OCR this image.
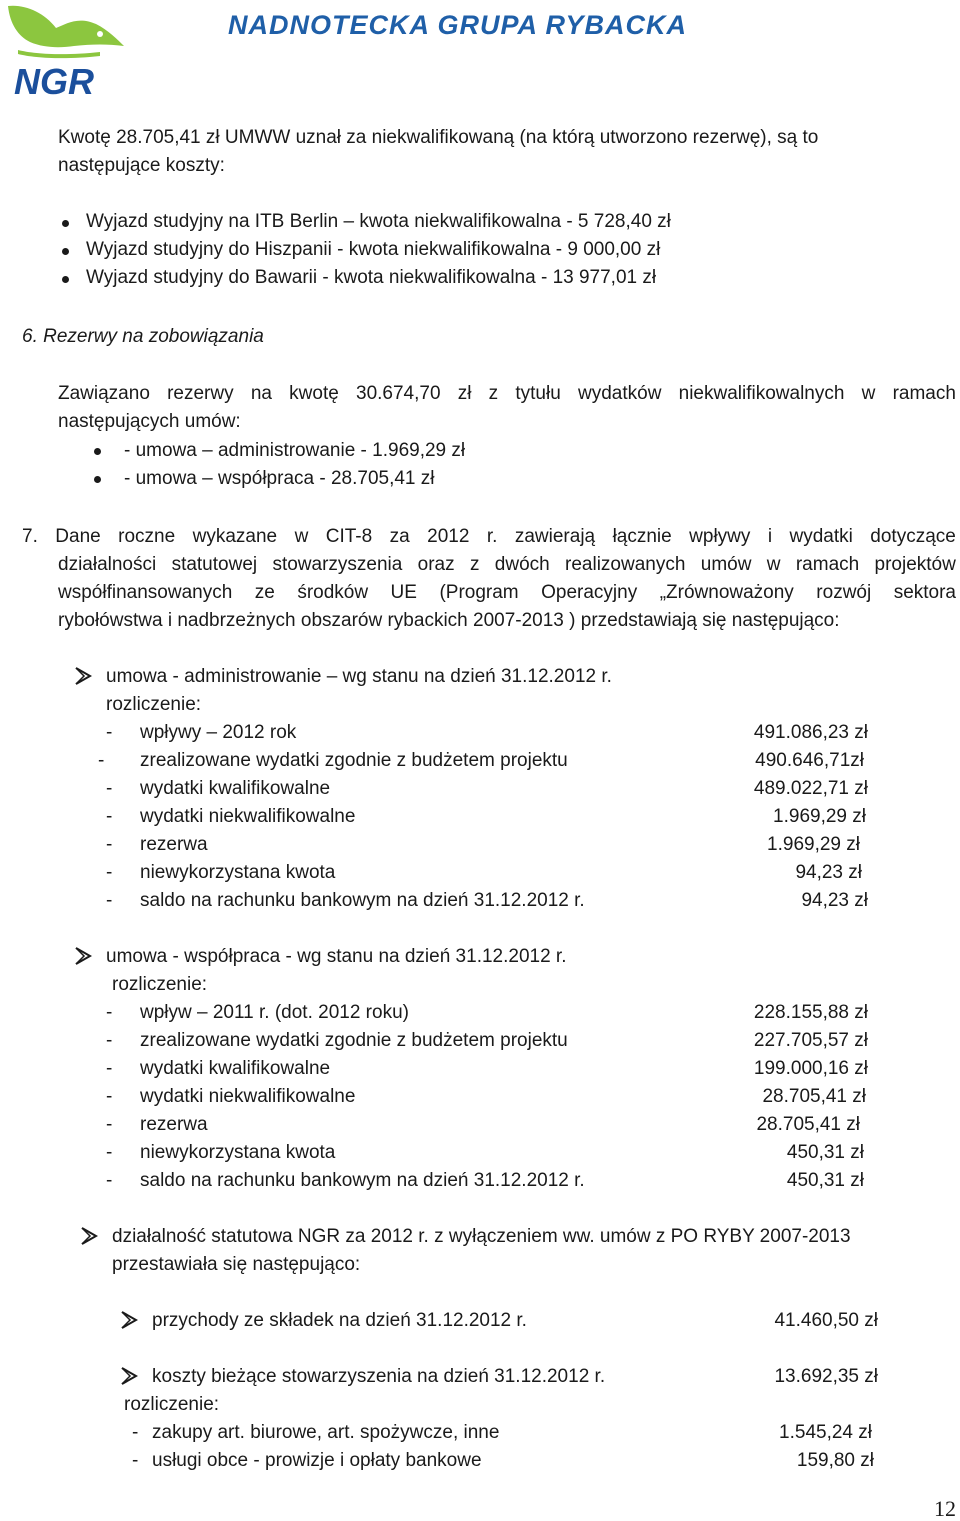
NGR
NADNOTECKA GRUPA RYBACKA
Kwotę 28.705,41 zł UMWW uznał za niekwalifikowaną (na którą utworzono rezerwę), są to
następujące koszty:
Wyjazd studyjny na ITB Berlin – kwota niekwalifikowalna - 5 728,40 zł
Wyjazd studyjny do Hiszpanii - kwota niekwalifikowalna - 9 000,00 zł
Wyjazd studyjny do Bawarii - kwota niekwalifikowalna - 13 977,01 zł
6. Rezerwy na zobowiązania
Zawiązano rezerwy na kwotę 30.674,70 zł z tytułu wydatków niekwalifikowalnych w ramach
następujących umów:
- umowa – administrowanie - 1.969,29 zł
- umowa – współpraca - 28.705,41 zł
7. Dane roczne wykazane w CIT-8 za 2012 r. zawierają łącznie wpływy i wydatki dotyczące
działalności statutowej stowarzyszenia oraz z dwóch realizowanych umów w ramach projektów
współfinansowanych ze środków UE (Program Operacyjny „Zrównoważony rozwój sektora
rybołówstwa i nadbrzeżnych obszarów rybackich 2007-2013 ) przedstawiają się następująco:
umowa - administrowanie – wg stanu na dzień 31.12.2012 r.
rozliczenie:
- wpływy – 2012 rok	491.086,23 zł
- zrealizowane wydatki zgodnie z budżetem projektu	490.646,71zł
- wydatki kwalifikowalne	489.022,71 zł
- wydatki niekwalifikowalne	1.969,29 zł
- rezerwa	1.969,29 zł
- niewykorzystana kwota	94,23 zł
- saldo na rachunku bankowym na dzień 31.12.2012 r.	94,23 zł
umowa - współpraca - wg stanu na dzień 31.12.2012 r.
rozliczenie:
- wpływ – 2011 r. (dot. 2012 roku)	228.155,88 zł
- zrealizowane wydatki zgodnie z budżetem projektu	227.705,57 zł
- wydatki kwalifikowalne	199.000,16 zł
- wydatki niekwalifikowalne	28.705,41 zł
- rezerwa	28.705,41 zł
- niewykorzystana kwota	450,31 zł
- saldo na rachunku bankowym na dzień 31.12.2012 r.	450,31 zł
działalność statutowa NGR za 2012 r. z wyłączeniem ww. umów z PO RYBY 2007-2013
przestawiała się następująco:
przychody ze składek na dzień 31.12.2012 r.	41.460,50 zł
koszty bieżące stowarzyszenia na dzień 31.12.2012 r.	13.692,35 zł
rozliczenie:
- zakupy art. biurowe, art. spożywcze, inne	1.545,24 zł
- usługi obce - prowizje i opłaty bankowe	159,80 zł
12
